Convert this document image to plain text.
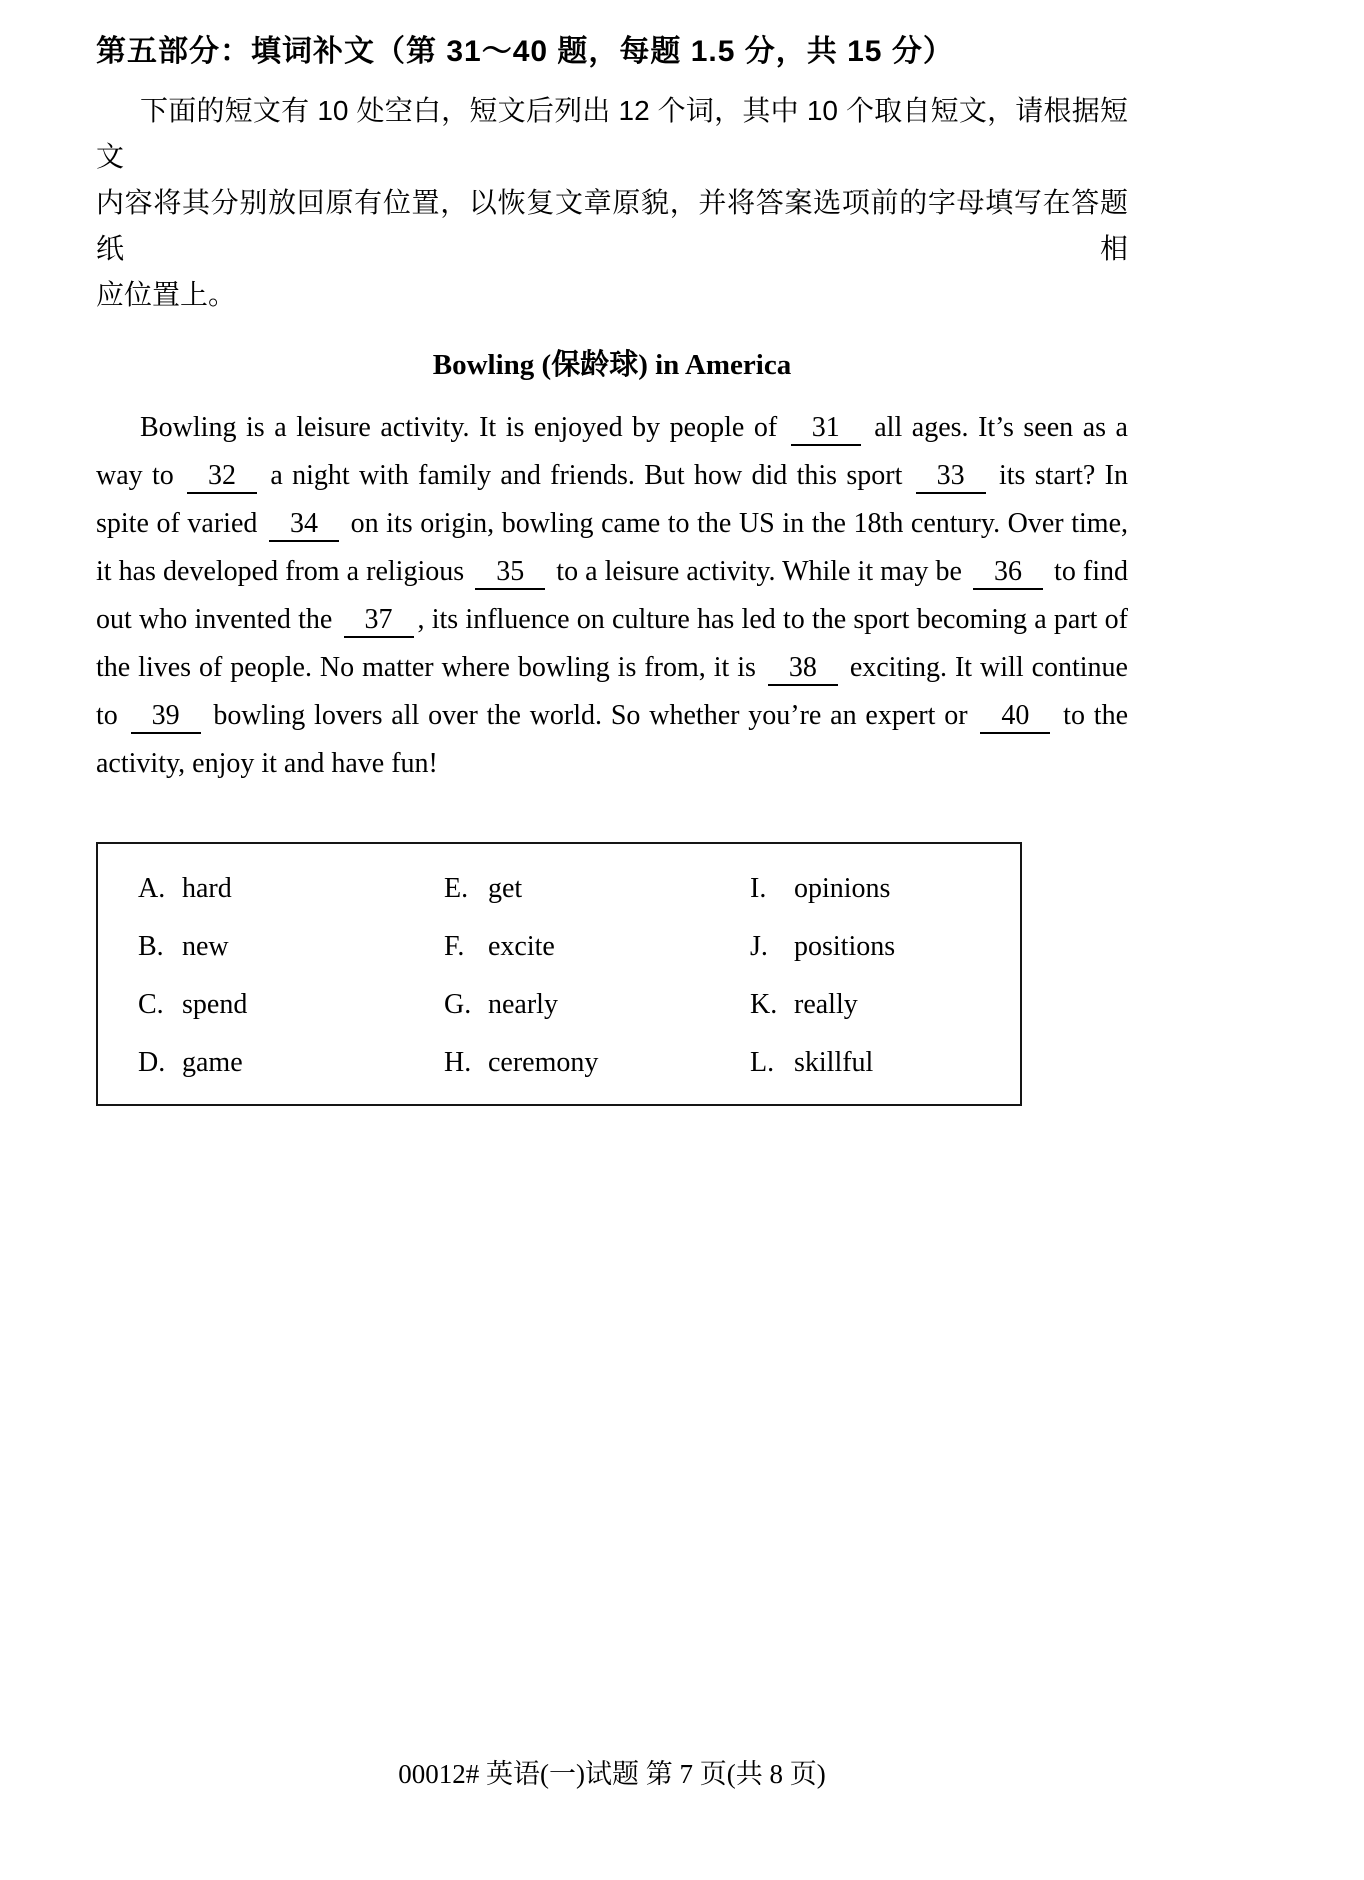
第五部分：填词补文（第 31～40 题，每题 1.5 分，共 15 分）
下面的短文有 10 处空白，短文后列出 12 个词，其中 10 个取自短文，请根据短文
内容将其分别放回原有位置，以恢复文章原貌，并将答案选项前的字母填写在答题纸相
应位置上。
Bowling (保龄球) in America

Bowling is a leisure activity. It is enjoyed by people of 31 all ages. It’s seen as a way to 32 a night with family and friends. But how did this sport 33 its start? In spite of varied 34 on its origin, bowling came to the US in the 18th century. Over time, it has developed from a religious 35 to a leisure activity. While it may be 36 to find out who invented the 37 , its influence on culture has led to the sport becoming a part of the lives of people. No matter where bowling is from, it is 38 exciting. It will continue to 39 bowling lovers all over the world. So whether you’re an expert or 40 to the activity, enjoy it and have fun!

A. hard	E. get	I. opinions
B. new	F. excite	J. positions
C. spend	G. nearly	K. really
D. game	H. ceremony	L. skillful
00012# 英语(一)试题 第 7 页(共 8 页)
